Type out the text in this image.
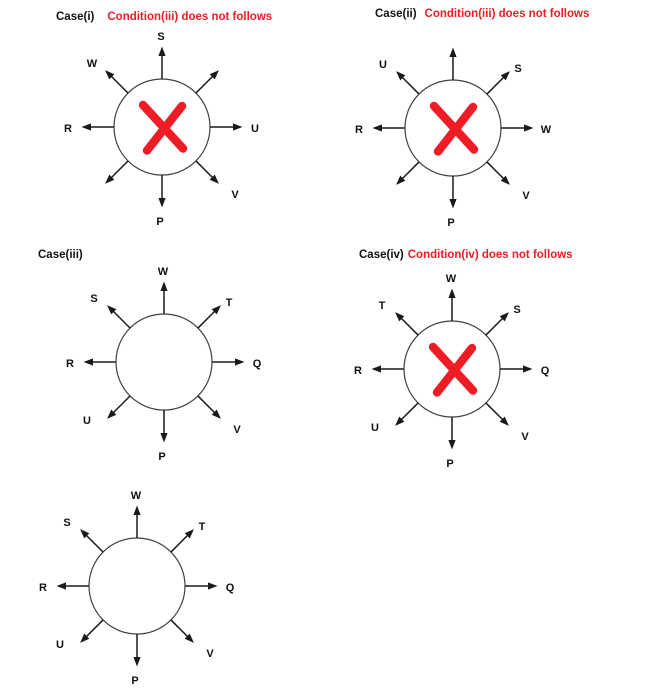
Case(i) Condition(iii) does not follows
S
U
V
P
R
W
Case(ii) Condition(iii) does not follows
S
W
V
P
R
U
Case(iii)
W
T
Q
V
P
U
R
S
Case(iv) Condition(iv) does not follows
W
S
Q
V
P
U
R
T
W
T
Q
V
P
U
R
S
